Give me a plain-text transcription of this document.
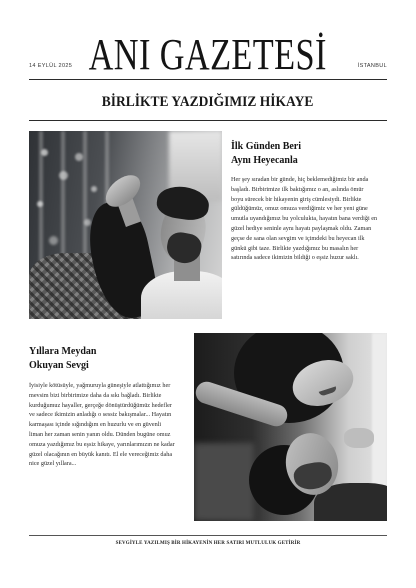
14 EYLÜL 2025 ANI GAZETESİ	İSTANBUL
BİRLİKTE YAZDIĞIMIZ HİKAYE
İlk Günden Beri
Aynı Heyecanla
Her şey sıradan bir günde, hiç beklemediğimiz bir anda
başladı. Birbirimize ilk baktığımız o an, aslında ömür
boyu sürecek bir hikayenin giriş cümlesiydi. Birlikte
güldüğümüz, omuz omuza verdiğimiz ve her yeni güne
umutla uyandığımız bu yolculukta, hayatın bana verdiği en
güzel hediye seninle aynı hayatı paylaşmak oldu. Zaman
geçse de sana olan sevgim ve içimdeki bu heyecan ilk
günkü gibi taze. Birlikte yazdığımız bu masalın her
satırında sadece ikimizin bildiği o eşsiz huzur saklı.
Yıllara Meydan
Okuyan Sevgi
İyisiyle kötüsüyle, yağmuruyla güneşiyle atlattığımız her
mevsim bizi birbirimize daha da sıkı bağladı. Birlikte
kurduğumuz hayaller, gerçeğe dönüştürdüğümüz hedefler
ve sadece ikimizin anladığı o sessiz bakışmalar... Hayatın
karmaşası içinde sığındığım en huzurlu ve en güvenli
liman her zaman senin yanın oldu. Dünden bugüne omuz
omuza yazdığımız bu eşsiz hikaye, yarınlarımızın ne kadar
güzel olacağının en büyük kanıtı. El ele vereceğimiz daha
nice güzel yıllara...
SEVGİYLE YAZILMIŞ BİR HİKAYENİN HER SATIRI MUTLULUK GETİRİR
